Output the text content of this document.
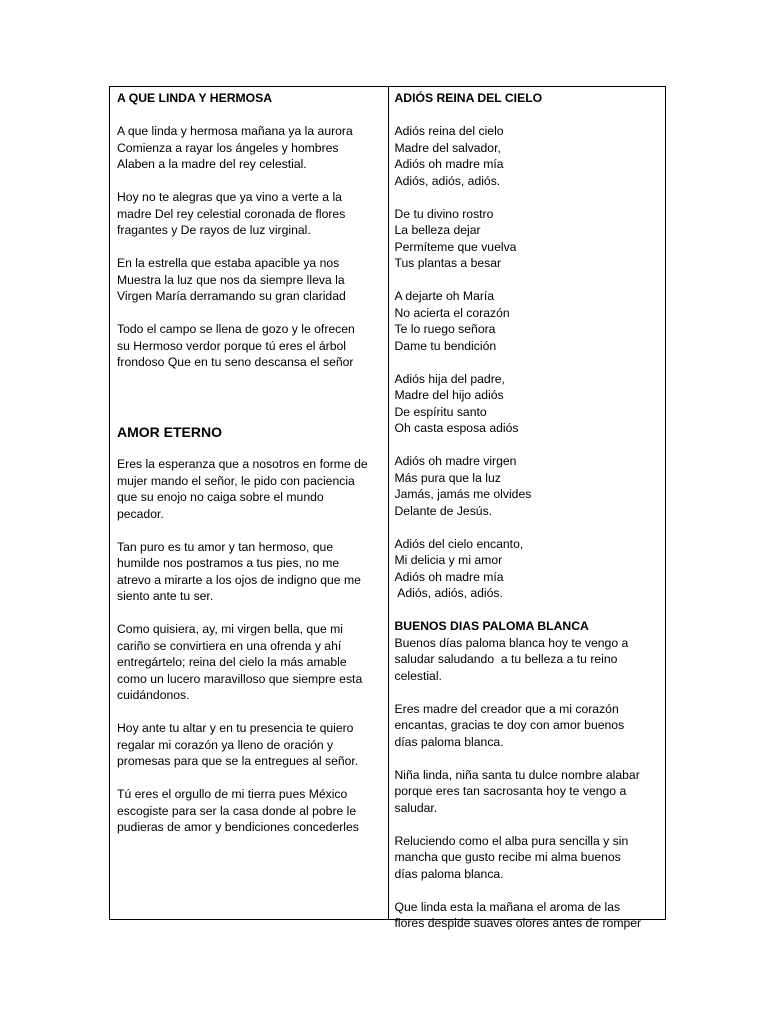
A QUE LINDA Y HERMOSA
A que linda y hermosa mañana ya la aurora
Comienza a rayar los ángeles y hombres
Alaben a la madre del rey celestial.
Hoy no te alegras que ya vino a verte a la
madre Del rey celestial coronada de flores
fragantes y De rayos de luz virginal.
En la estrella que estaba apacible ya nos
Muestra la luz que nos da siempre lleva la
Virgen María derramando su gran claridad
Todo el campo se llena de gozo y le ofrecen
su Hermoso verdor porque tú eres el árbol
frondoso Que en tu seno descansa el señor
AMOR ETERNO
Eres la esperanza que a nosotros en forme de
mujer mando el señor, le pido con paciencia
que su enojo no caiga sobre el mundo
pecador.
Tan puro es tu amor y tan hermoso, que
humilde nos postramos a tus pies, no me
atrevo a mirarte a los ojos de indigno que me
siento ante tu ser.
Como quisiera, ay, mi virgen bella, que mi
cariño se convirtiera en una ofrenda y ahí
entregártelo; reina del cielo la más amable
como un lucero maravilloso que siempre esta
cuidándonos.
Hoy ante tu altar y en tu presencia te quiero
regalar mi corazón ya lleno de oración y
promesas para que se la entregues al señor.
Tú eres el orgullo de mi tierra pues México
escogiste para ser la casa donde al pobre le
pudieras de amor y bendiciones concederles
ADIÓS REINA DEL CIELO
Adiós reina del cielo
Madre del salvador,
Adiós oh madre mía
Adiós, adiós, adiós.
De tu divino rostro
La belleza dejar
Permíteme que vuelva
Tus plantas a besar
A dejarte oh María
No acierta el corazón
Te lo ruego señora
Dame tu bendición
Adiós hija del padre,
Madre del hijo adiós
De espíritu santo
Oh casta esposa adiós
Adiós oh madre virgen
Más pura que la luz
Jamás, jamás me olvides
Delante de Jesús.
Adiós del cielo encanto,
Mi delicia y mi amor
Adiós oh madre mía
Adiós, adiós, adiós.
BUENOS DIAS PALOMA BLANCA
Buenos días paloma blanca hoy te vengo a
saludar saludando  a tu belleza a tu reino
celestial.
Eres madre del creador que a mi corazón
encantas, gracias te doy con amor buenos
días paloma blanca.
Niña linda, niña santa tu dulce nombre alabar
porque eres tan sacrosanta hoy te vengo a
saludar.
Reluciendo como el alba pura sencilla y sin
mancha que gusto recibe mi alma buenos
días paloma blanca.
Que linda esta la mañana el aroma de las
flores despide suaves olores antes de romper
